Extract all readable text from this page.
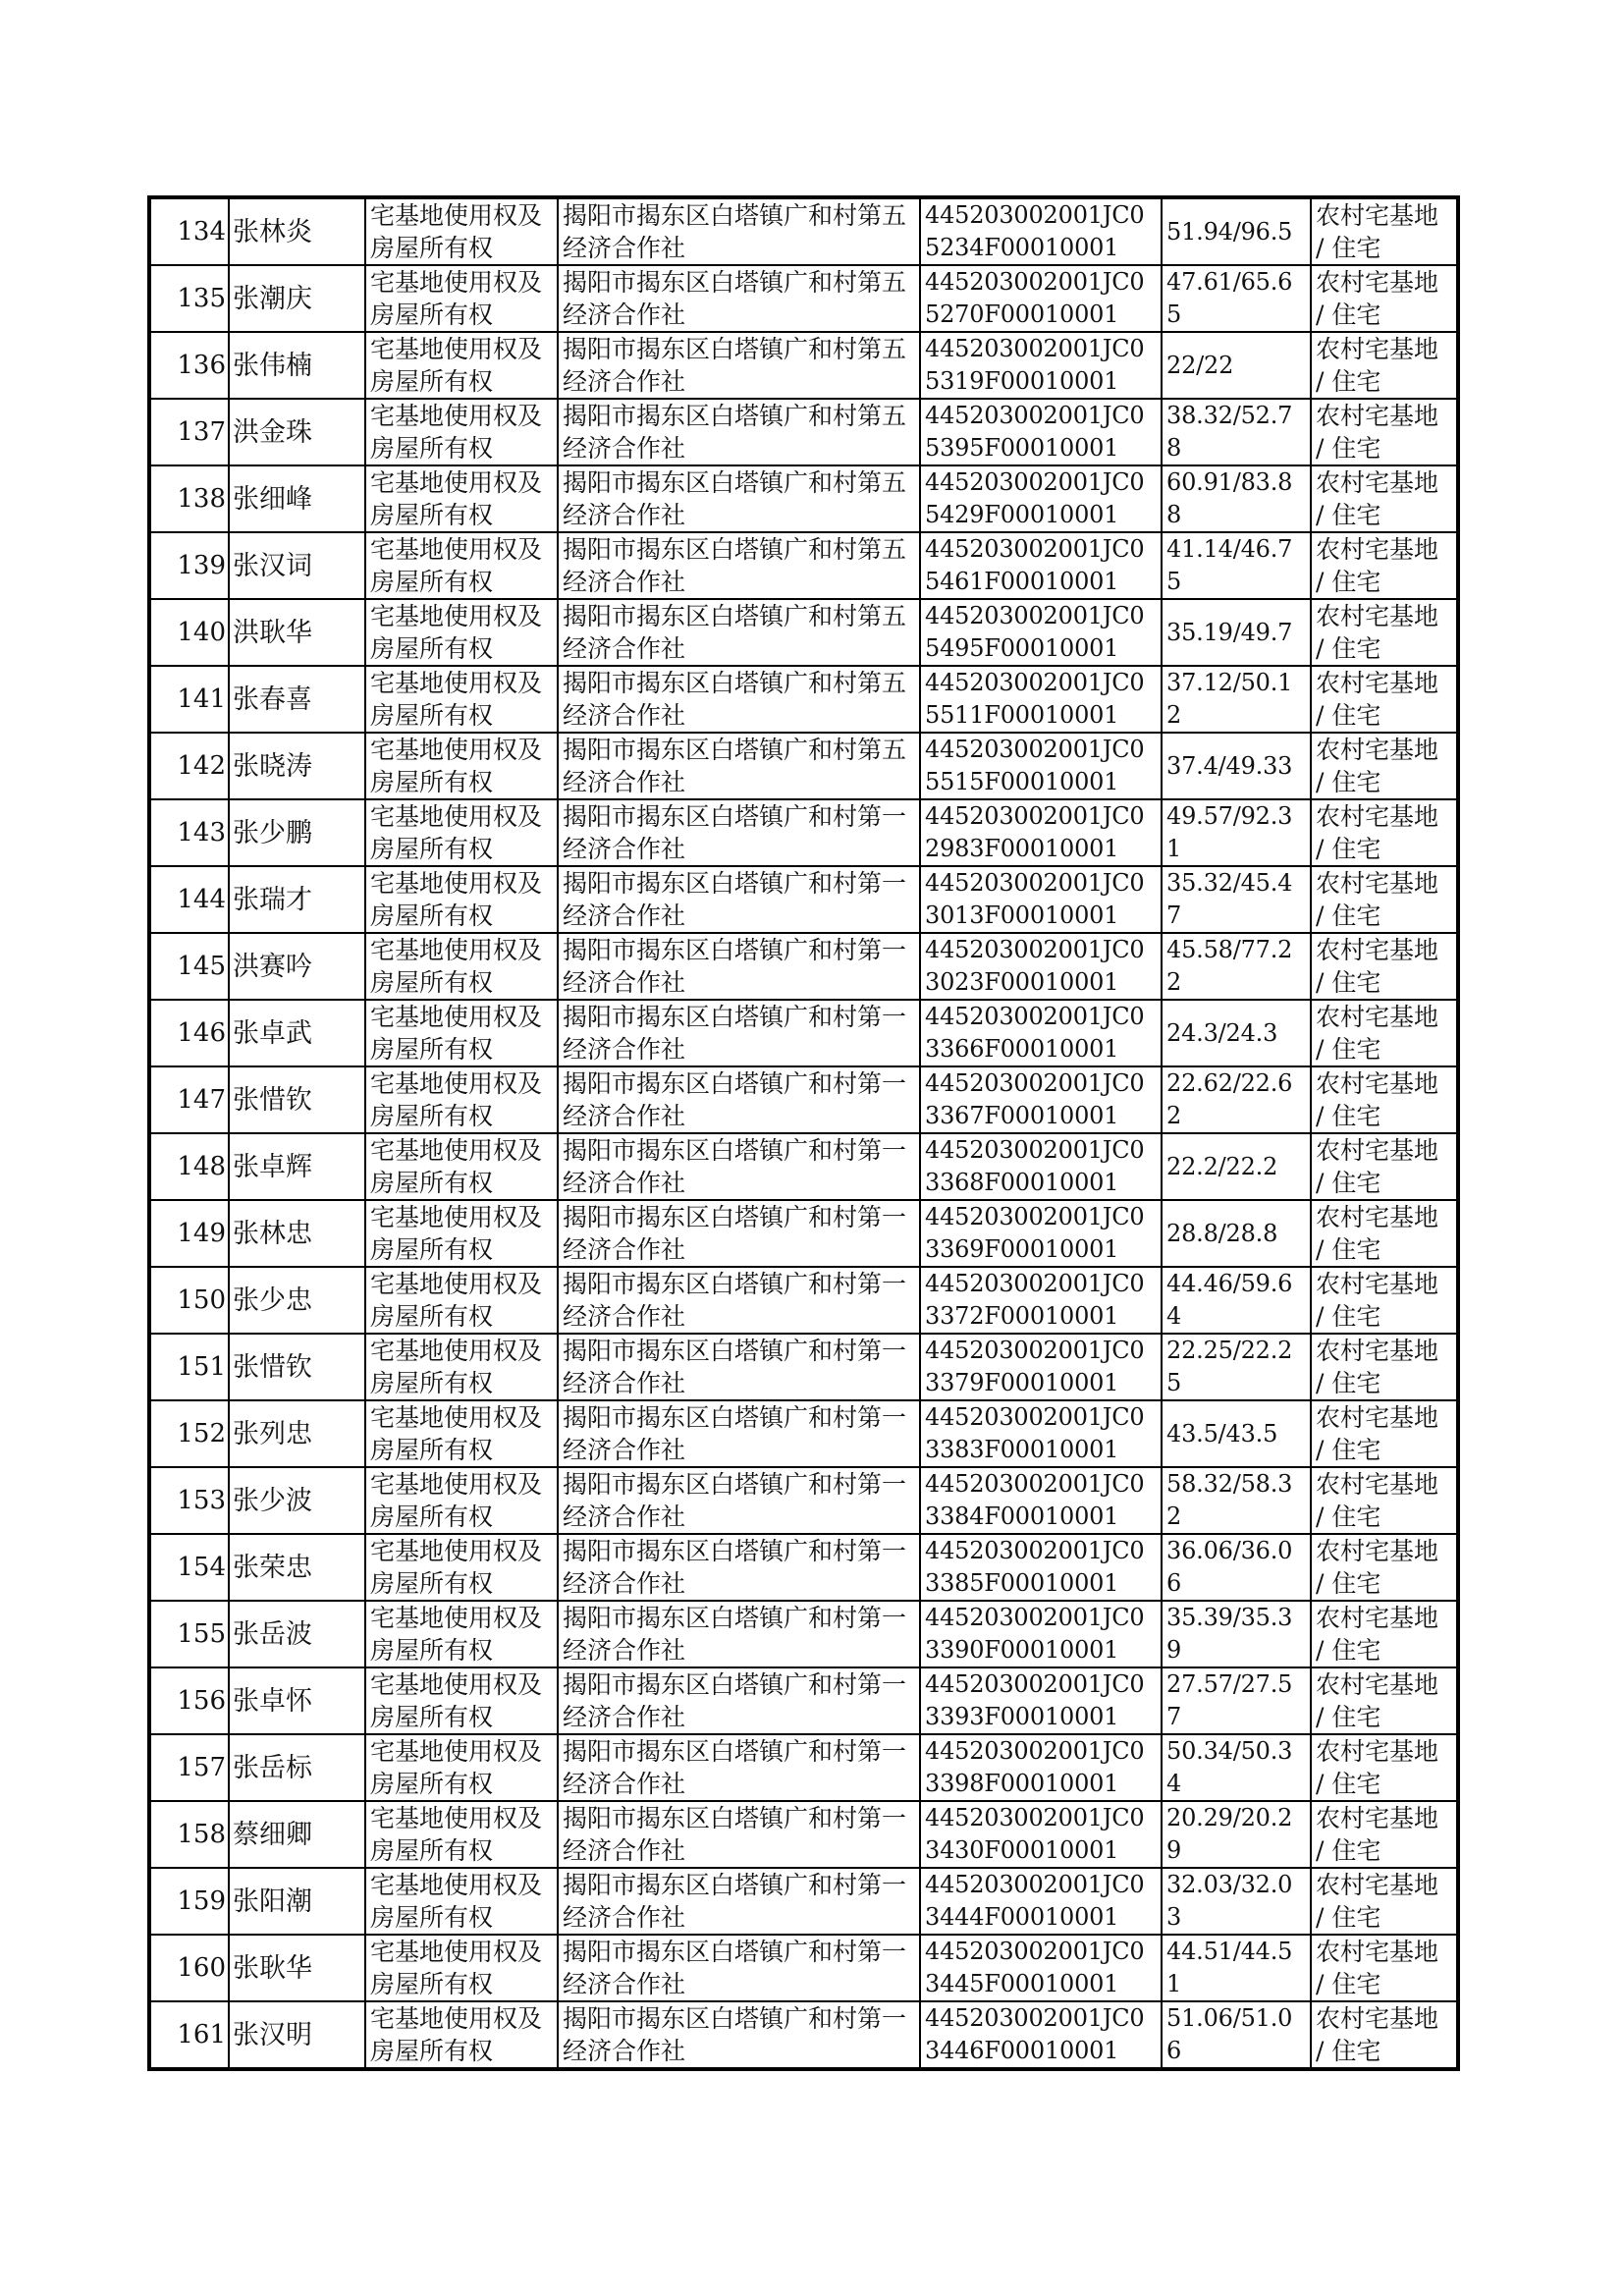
134	张林炎	宅基地使用权及房屋所有权	揭阳市揭东区白塔镇广和村第五经济合作社	445203002001JC05234F00010001	51.94/96.5	农村宅基地 / 住宅
135	张潮庆	宅基地使用权及房屋所有权	揭阳市揭东区白塔镇广和村第五经济合作社	445203002001JC05270F00010001	47.61/65.65	农村宅基地 / 住宅
136	张伟楠	宅基地使用权及房屋所有权	揭阳市揭东区白塔镇广和村第五经济合作社	445203002001JC05319F00010001	22/22	农村宅基地 / 住宅
137	洪金珠	宅基地使用权及房屋所有权	揭阳市揭东区白塔镇广和村第五经济合作社	445203002001JC05395F00010001	38.32/52.78	农村宅基地 / 住宅
138	张细峰	宅基地使用权及房屋所有权	揭阳市揭东区白塔镇广和村第五经济合作社	445203002001JC05429F00010001	60.91/83.88	农村宅基地 / 住宅
139	张汉词	宅基地使用权及房屋所有权	揭阳市揭东区白塔镇广和村第五经济合作社	445203002001JC05461F00010001	41.14/46.75	农村宅基地 / 住宅
140	洪耿华	宅基地使用权及房屋所有权	揭阳市揭东区白塔镇广和村第五经济合作社	445203002001JC05495F00010001	35.19/49.7	农村宅基地 / 住宅
141	张春喜	宅基地使用权及房屋所有权	揭阳市揭东区白塔镇广和村第五经济合作社	445203002001JC05511F00010001	37.12/50.12	农村宅基地 / 住宅
142	张晓涛	宅基地使用权及房屋所有权	揭阳市揭东区白塔镇广和村第五经济合作社	445203002001JC05515F00010001	37.4/49.33	农村宅基地 / 住宅
143	张少鹏	宅基地使用权及房屋所有权	揭阳市揭东区白塔镇广和村第一经济合作社	445203002001JC02983F00010001	49.57/92.31	农村宅基地 / 住宅
144	张瑞才	宅基地使用权及房屋所有权	揭阳市揭东区白塔镇广和村第一经济合作社	445203002001JC03013F00010001	35.32/45.47	农村宅基地 / 住宅
145	洪赛吟	宅基地使用权及房屋所有权	揭阳市揭东区白塔镇广和村第一经济合作社	445203002001JC03023F00010001	45.58/77.22	农村宅基地 / 住宅
146	张卓武	宅基地使用权及房屋所有权	揭阳市揭东区白塔镇广和村第一经济合作社	445203002001JC03366F00010001	24.3/24.3	农村宅基地 / 住宅
147	张惜钦	宅基地使用权及房屋所有权	揭阳市揭东区白塔镇广和村第一经济合作社	445203002001JC03367F00010001	22.62/22.62	农村宅基地 / 住宅
148	张卓辉	宅基地使用权及房屋所有权	揭阳市揭东区白塔镇广和村第一经济合作社	445203002001JC03368F00010001	22.2/22.2	农村宅基地 / 住宅
149	张林忠	宅基地使用权及房屋所有权	揭阳市揭东区白塔镇广和村第一经济合作社	445203002001JC03369F00010001	28.8/28.8	农村宅基地 / 住宅
150	张少忠	宅基地使用权及房屋所有权	揭阳市揭东区白塔镇广和村第一经济合作社	445203002001JC03372F00010001	44.46/59.64	农村宅基地 / 住宅
151	张惜钦	宅基地使用权及房屋所有权	揭阳市揭东区白塔镇广和村第一经济合作社	445203002001JC03379F00010001	22.25/22.25	农村宅基地 / 住宅
152	张列忠	宅基地使用权及房屋所有权	揭阳市揭东区白塔镇广和村第一经济合作社	445203002001JC03383F00010001	43.5/43.5	农村宅基地 / 住宅
153	张少波	宅基地使用权及房屋所有权	揭阳市揭东区白塔镇广和村第一经济合作社	445203002001JC03384F00010001	58.32/58.32	农村宅基地 / 住宅
154	张荣忠	宅基地使用权及房屋所有权	揭阳市揭东区白塔镇广和村第一经济合作社	445203002001JC03385F00010001	36.06/36.06	农村宅基地 / 住宅
155	张岳波	宅基地使用权及房屋所有权	揭阳市揭东区白塔镇广和村第一经济合作社	445203002001JC03390F00010001	35.39/35.39	农村宅基地 / 住宅
156	张卓怀	宅基地使用权及房屋所有权	揭阳市揭东区白塔镇广和村第一经济合作社	445203002001JC03393F00010001	27.57/27.57	农村宅基地 / 住宅
157	张岳标	宅基地使用权及房屋所有权	揭阳市揭东区白塔镇广和村第一经济合作社	445203002001JC03398F00010001	50.34/50.34	农村宅基地 / 住宅
158	蔡细卿	宅基地使用权及房屋所有权	揭阳市揭东区白塔镇广和村第一经济合作社	445203002001JC03430F00010001	20.29/20.29	农村宅基地 / 住宅
159	张阳潮	宅基地使用权及房屋所有权	揭阳市揭东区白塔镇广和村第一经济合作社	445203002001JC03444F00010001	32.03/32.03	农村宅基地 / 住宅
160	张耿华	宅基地使用权及房屋所有权	揭阳市揭东区白塔镇广和村第一经济合作社	445203002001JC03445F00010001	44.51/44.51	农村宅基地 / 住宅
161	张汉明	宅基地使用权及房屋所有权	揭阳市揭东区白塔镇广和村第一经济合作社	445203002001JC03446F00010001	51.06/51.06	农村宅基地 / 住宅
